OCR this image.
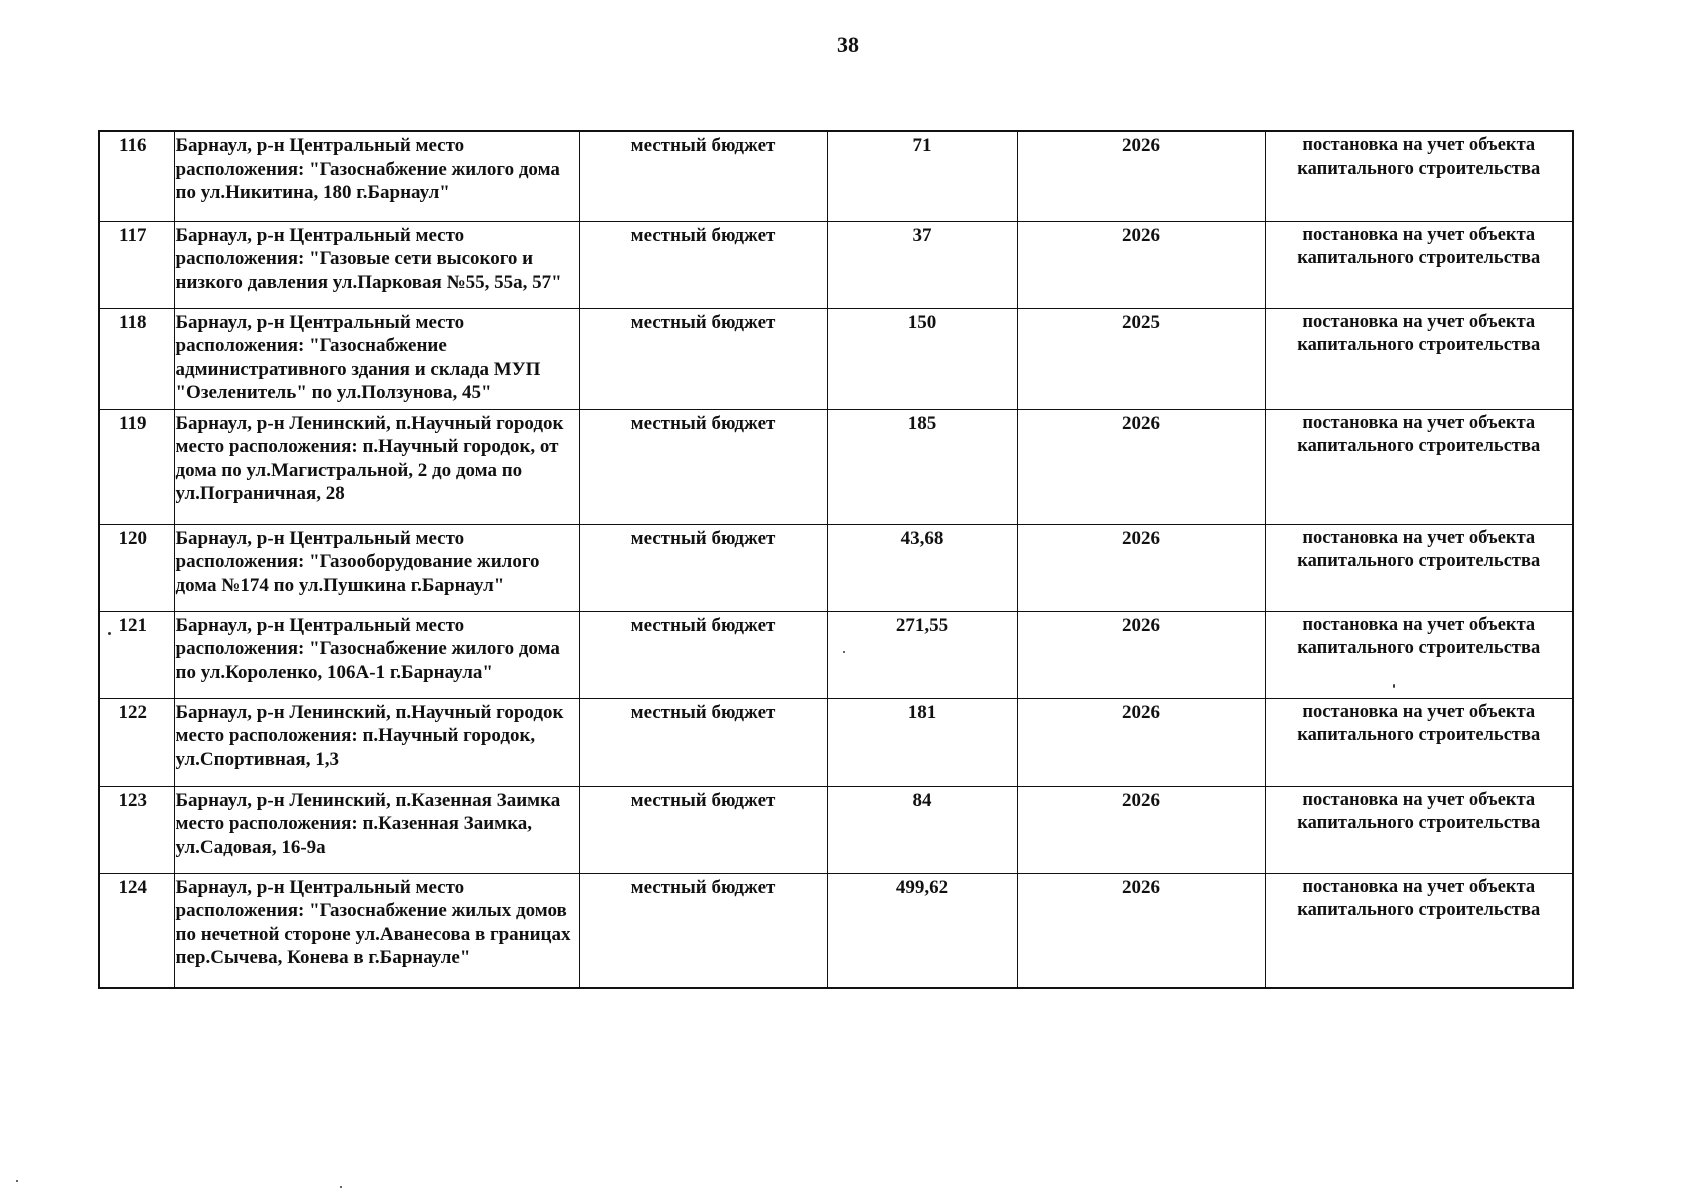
38
116	Барнаул, р-н Центральный место расположения: "Газоснабжение жилого дома по ул.Никитина, 180 г.Барнаул"	местный бюджет	71	2026	постановка на учет объекта капитального строительства
117	Барнаул, р-н Центральный место расположения: "Газовые сети высокого и низкого давления ул.Парковая №55, 55а, 57"	местный бюджет	37	2026	постановка на учет объекта капитального строительства
118	Барнаул, р-н Центральный место расположения: "Газоснабжение административного здания и склада МУП "Озеленитель" по ул.Ползунова, 45"	местный бюджет	150	2025	постановка на учет объекта капитального строительства
119	Барнаул, р-н Ленинский, п.Научный городок место расположения: п.Научный городок, от дома по ул.Магистральной, 2 до дома по ул.Пограничная, 28	местный бюджет	185	2026	постановка на учет объекта капитального строительства
120	Барнаул, р-н Центральный место расположения: "Газооборудование жилого дома №174 по ул.Пушкина г.Барнаул"	местный бюджет	43,68	2026	постановка на учет объекта капитального строительства
121	Барнаул, р-н Центральный место расположения: "Газоснабжение жилого дома по ул.Короленко, 106А-1 г.Барнаула"	местный бюджет	271,55	2026	постановка на учет объекта капитального строительства
122	Барнаул, р-н Ленинский, п.Научный городок место расположения: п.Научный городок, ул.Спортивная, 1,3	местный бюджет	181	2026	постановка на учет объекта капитального строительства
123	Барнаул, р-н Ленинский, п.Казенная Заимка место расположения: п.Казенная Заимка, ул.Садовая, 16-9а	местный бюджет	84	2026	постановка на учет объекта капитального строительства
124	Барнаул, р-н Центральный место расположения: "Газоснабжение жилых домов по нечетной стороне ул.Аванесова в границах пер.Сычева, Конева в г.Барнауле"	местный бюджет	499,62	2026	постановка на учет объекта капитального строительства
